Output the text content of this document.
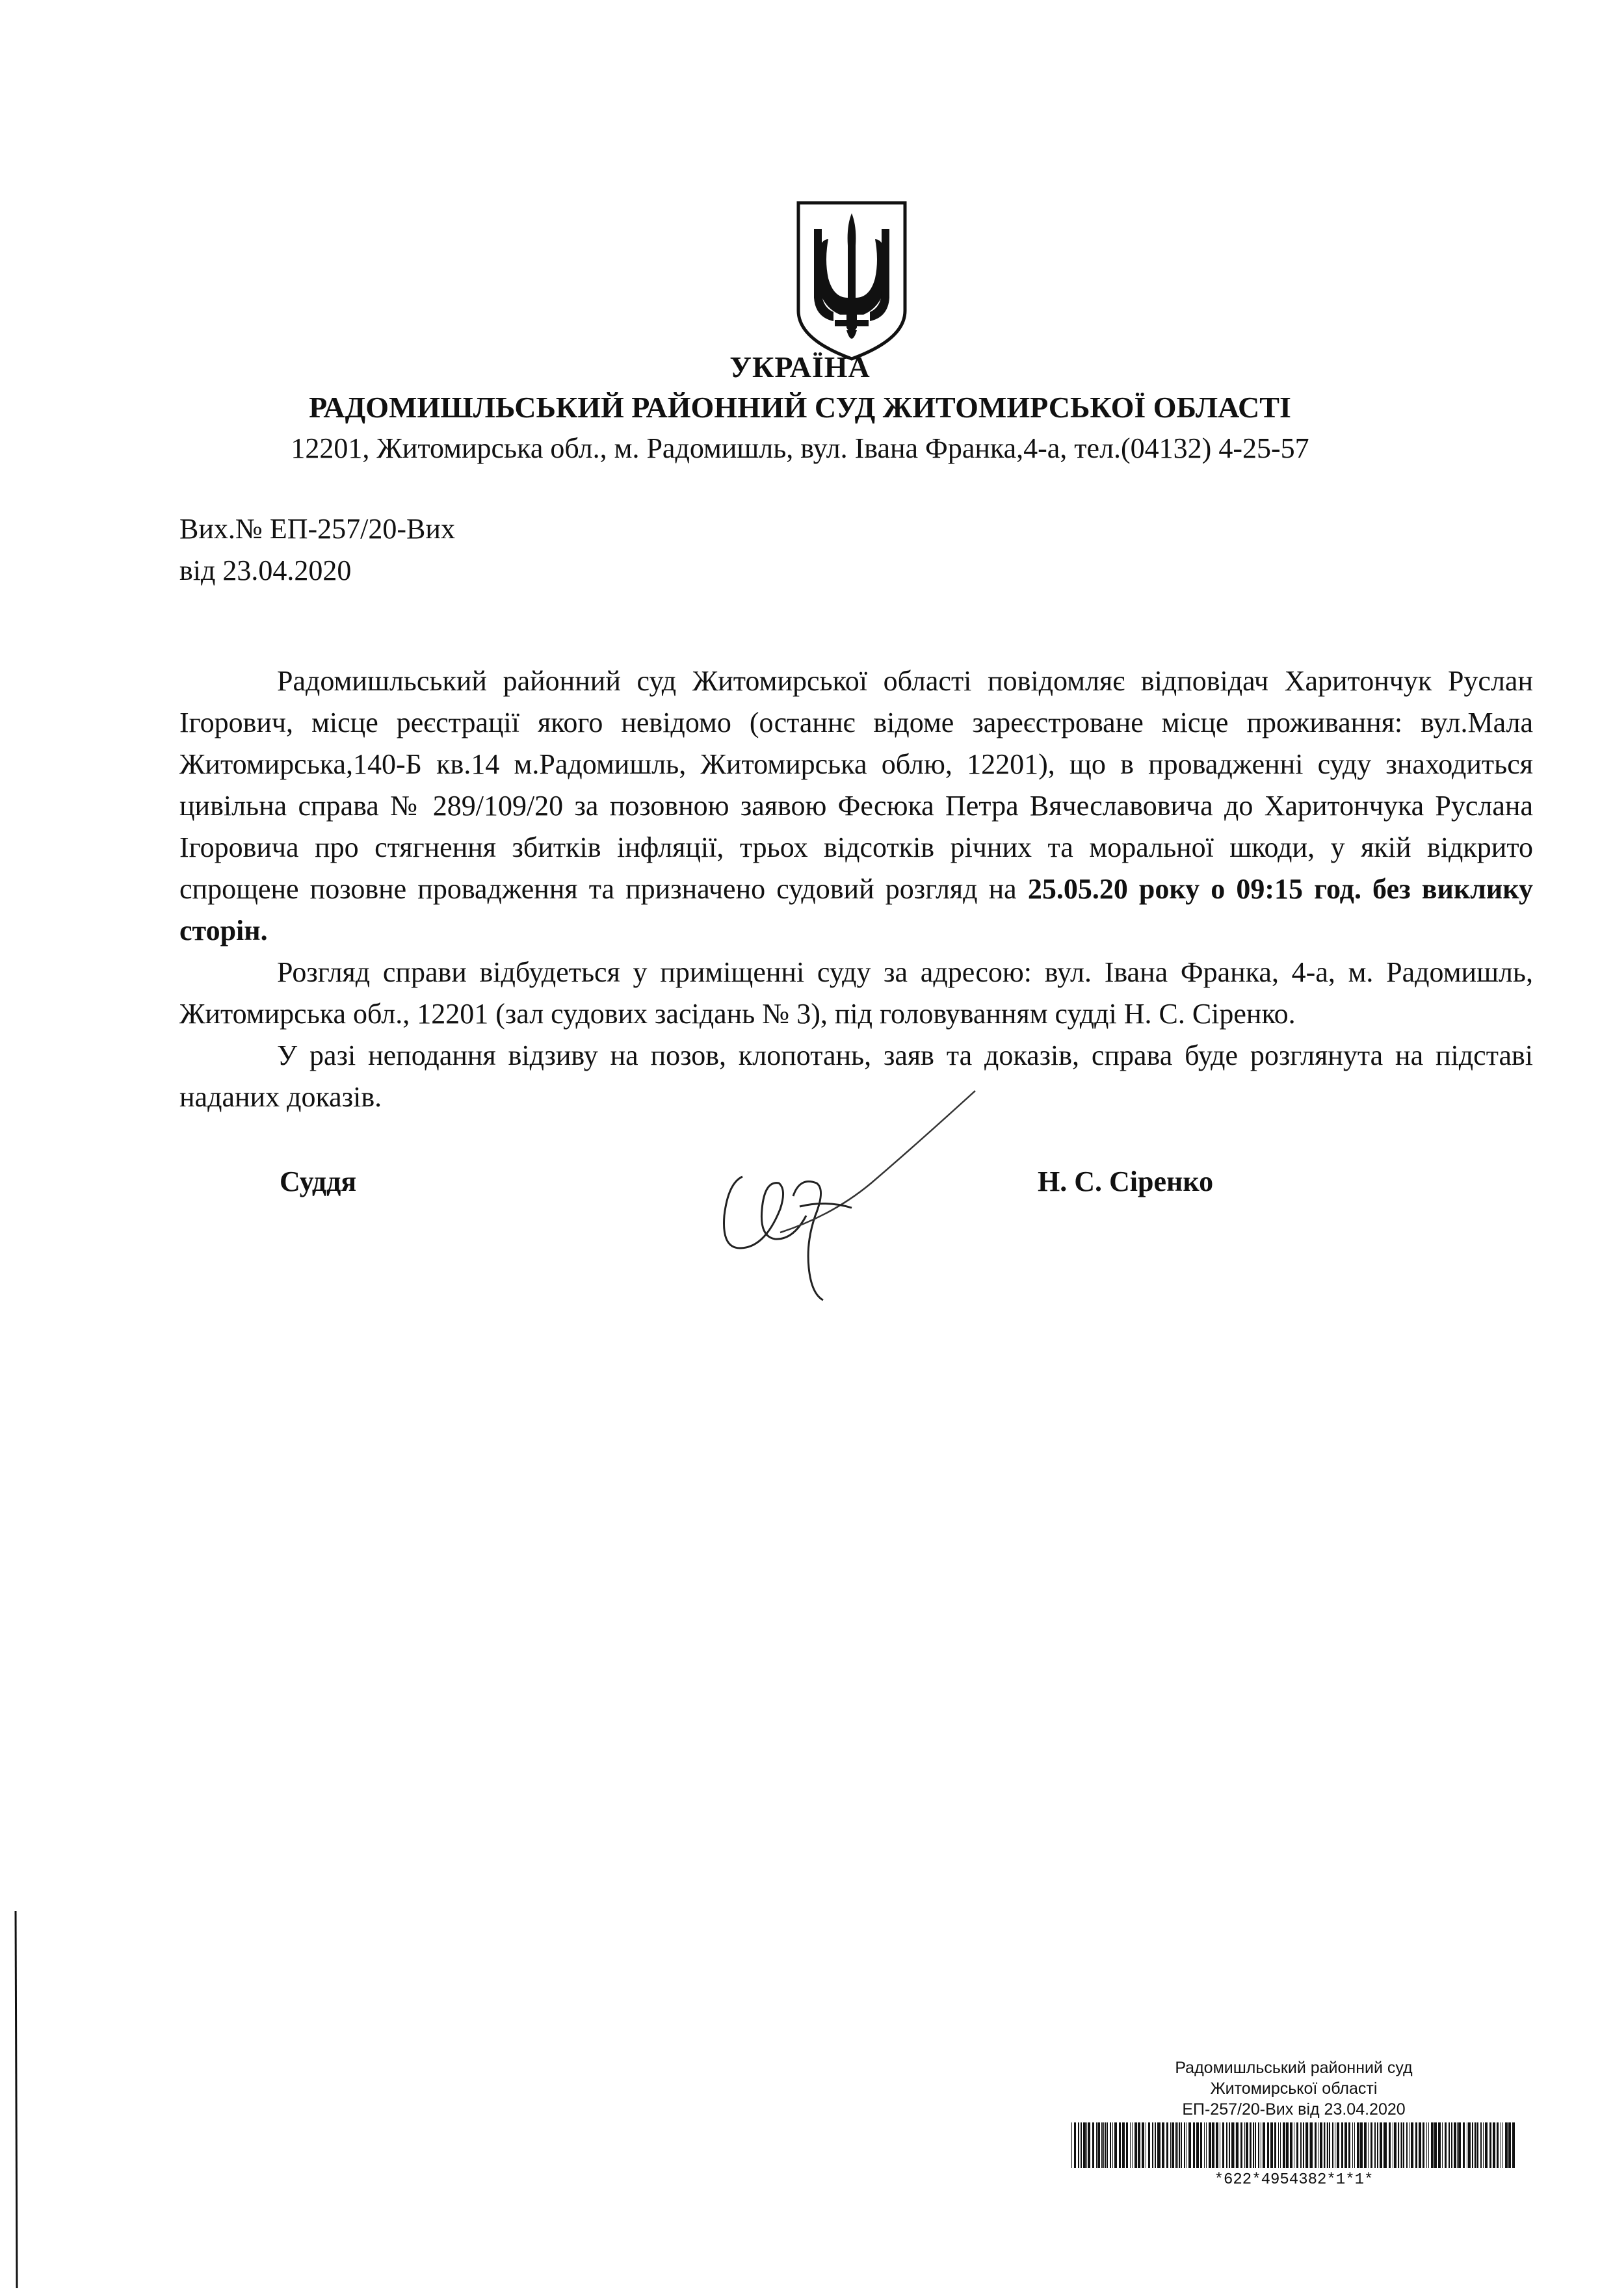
УКРАЇНА
РАДОМИШЛЬСЬКИЙ РАЙОННИЙ СУД ЖИТОМИРСЬКОЇ ОБЛАСТІ
12201, Житомирська обл., м. Радомишль, вул. Івана Франка,4-а, тел.(04132) 4-25-57
Вих.№ ЕП-257/20-Вих
від 23.04.2020

Радомишльський районний суд Житомирської області повідомляє відповідач Харитончук Руслан Ігорович, місце реєстрації якого невідомо (останнє відоме зареєстроване місце проживання: вул.Мала Житомирська,140-Б кв.14 м.Радомишль, Житомирська облю, 12201), що в провадженні суду знаходиться цивільна справа № 289/109/20 за позовною заявою Фесюка Петра Вячеславовича до Харитончука Руслана Ігоровича про стягнення збитків інфляції, трьох відсотків річних та моральної шкоди, у якій відкрито спрощене позовне провадження та призначено судовий розгляд на 25.05.20 року о 09:15 год. без виклику сторін.

Розгляд справи відбудеться у приміщенні суду за адресою: вул. Івана Франка, 4-а, м. Радомишль, Житомирська обл., 12201 (зал судових засідань № 3), під головуванням судді Н. С. Сіренко.

У разі неподання відзиву на позов, клопотань, заяв та доказів, справа буде розглянута на підставі наданих доказів.

Суддя	Н. С. Сіренко
Радомишльський районний суд
Житомирської області
ЕП-257/20-Вих від 23.04.2020
*622*4954382*1*1*
